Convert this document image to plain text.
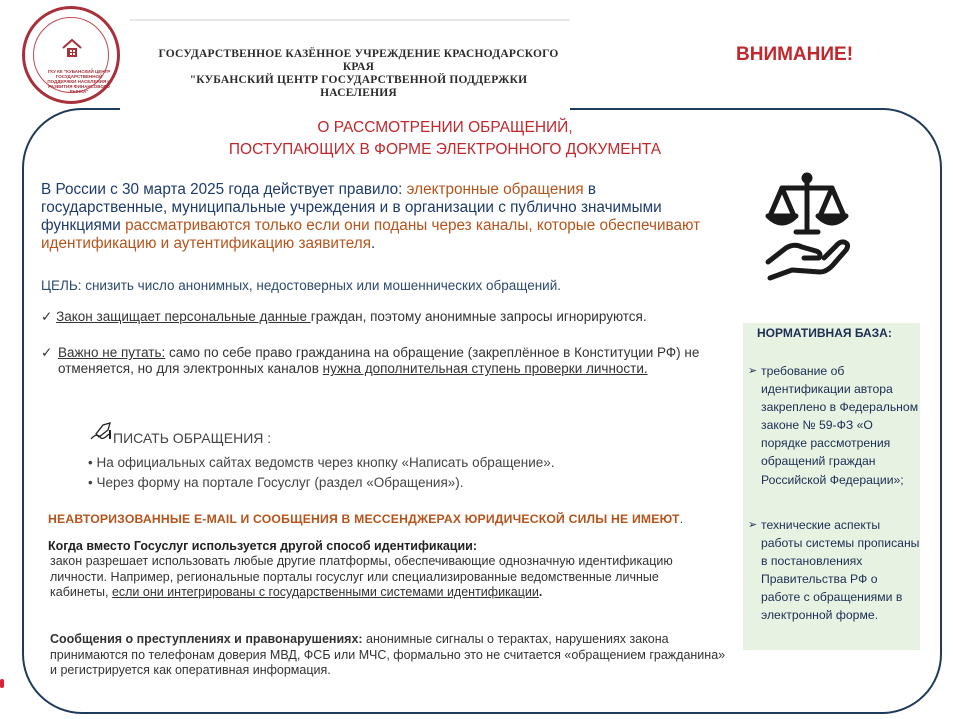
ГКУ КК "КУБАНСКИЙ ЦЕНТР ГОСУДАРСТВЕННОЙ ПОДДЕРЖКИ НАСЕЛЕНИЯ И РАЗВИТИЯ ФИНАНСОВОГО РЫНКА"
ГОСУДАРСТВЕННОЕ КАЗЁННОЕ УЧРЕЖДЕНИЕ КРАСНОДАРСКОГО КРАЯ
"КУБАНСКИЙ ЦЕНТР ГОСУДАРСТВЕННОЙ ПОДДЕРЖКИ НАСЕЛЕНИЯ
ВНИМАНИЕ!
О РАССМОТРЕНИИ ОБРАЩЕНИЙ,
ПОСТУПАЮЩИХ В ФОРМЕ ЭЛЕКТРОННОГО ДОКУМЕНТА
В России с 30 марта 2025 года действует правило: электронные обращения в государственные, муниципальные учреждения и в организации с публично значимыми функциями рассматриваются только если они поданы через каналы, которые обеспечивают идентификацию и аутентификацию заявителя.
ЦЕЛЬ: снизить число анонимных, недостоверных или мошеннических обращений.
✓ Закон защищает персональные данные граждан, поэтому анонимные запросы игнорируются.
✓ Важно не путать: само по себе право гражданина на обращение (закреплённое в Конституции РФ) не отменяется, но для электронных каналов нужна дополнительная ступень проверки личности.
ПИСАТЬ ОБРАЩЕНИЯ :
• На официальных сайтах ведомств через кнопку «Написать обращение».
• Через форму на портале Госуслуг (раздел «Обращения»).
НЕАВТОРИЗОВАННЫЕ E-MAIL И СООБЩЕНИЯ В МЕССЕНДЖЕРАХ ЮРИДИЧЕСКОЙ СИЛЫ НЕ ИМЕЮТ.
Когда вместо Госуслуг используется другой способ идентификации:
закон разрешает использовать любые другие платформы, обеспечивающие однозначную идентификацию личности. Например, региональные порталы госуслуг или специализированные ведомственные личные кабинеты, если они интегрированы с государственными системами идентификации.
Сообщения о преступлениях и правонарушениях: анонимные сигналы о терактах, нарушениях закона принимаются по телефонам доверия МВД, ФСБ или МЧС, формально это не считается «обращением гражданина» и регистрируется как оперативная информация.
НОРМАТИВНАЯ БАЗА:
➢ требование об идентификации автора закреплено в Федеральном законе № 59-ФЗ «О порядке рассмотрения обращений граждан Российской Федерации»;
➢ технические аспекты работы системы прописаны в постановлениях Правительства РФ о работе с обращениями в электронной форме.
